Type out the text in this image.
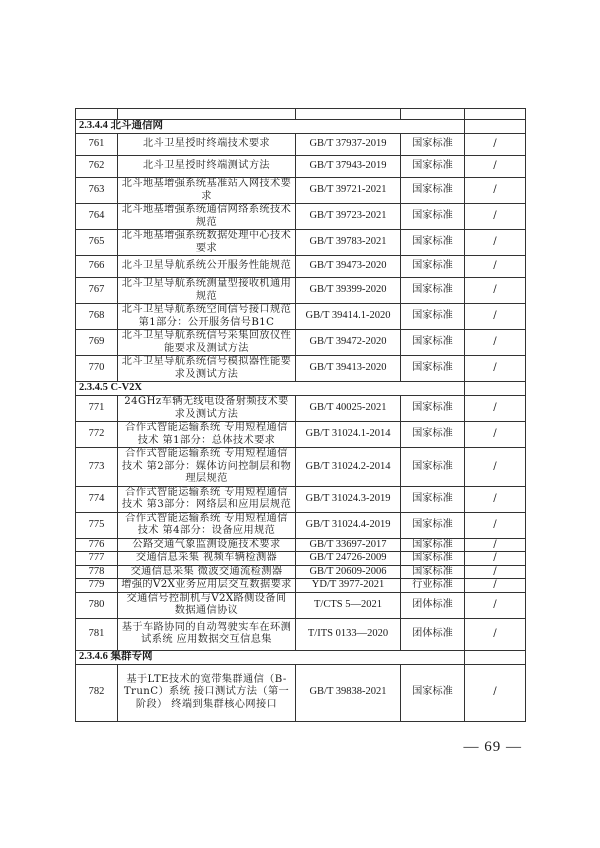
2.3.4.4 北斗通信网				
761	北斗卫星授时终端技术要求	GB/T 37937-2019	国家标准	/
762	北斗卫星授时终端测试方法	GB/T 37943-2019	国家标准	/
763	北斗地基增强系统基准站入网技术要求	GB/T 39721-2021	国家标准	/
764	北斗地基增强系统通信网络系统技术规范	GB/T 39723-2021	国家标准	/
765	北斗地基增强系统数据处理中心技术要求	GB/T 39783-2021	国家标准	/
766	北斗卫星导航系统公开服务性能规范	GB/T 39473-2020	国家标准	/
767	北斗卫星导航系统测量型接收机通用规范	GB/T 39399-2020	国家标准	/
768	北斗卫星导航系统空间信号接口规范 第1部分：公开服务信号B1C	GB/T 39414.1-2020	国家标准	/
769	北斗卫星导航系统信号采集回放仪性能要求及测试方法	GB/T 39472-2020	国家标准	/
770	北斗卫星导航系统信号模拟器性能要求及测试方法	GB/T 39413-2020	国家标准	/
2.3.4.5 C-V2X				
771	24GHz车辆无线电设备射频技术要求及测试方法	GB/T 40025-2021	国家标准	/
772	合作式智能运输系统 专用短程通信技术 第1部分：总体技术要求	GB/T 31024.1-2014	国家标准	/
773	合作式智能运输系统 专用短程通信技术 第2部分：媒体访问控制层和物理层规范	GB/T 31024.2-2014	国家标准	/
774	合作式智能运输系统 专用短程通信技术 第3部分：网络层和应用层规范	GB/T 31024.3-2019	国家标准	/
775	合作式智能运输系统 专用短程通信技术 第4部分：设备应用规范	GB/T 31024.4-2019	国家标准	/
776	公路交通气象监测设施技术要求	GB/T 33697-2017	国家标准	/
777	交通信息采集 视频车辆检测器	GB/T 24726-2009	国家标准	/
778	交通信息采集 微波交通流检测器	GB/T 20609-2006	国家标准	/
779	增强的V2X业务应用层交互数据要求	YD/T 3977-2021	行业标准	/
780	交通信号控制机与V2X路侧设备间 数据通信协议	T/CTS 5—2021	团体标准	/
781	基于车路协同的自动驾驶实车在环测试系统 应用数据交互信息集	T/ITS 0133—2020	团体标准	/
2.3.4.6 集群专网				
782	基于LTE技术的宽带集群通信（B-TrunC）系统 接口测试方法（第一阶段） 终端到集群核心网接口	GB/T 39838-2021	国家标准	/
— 69 —
